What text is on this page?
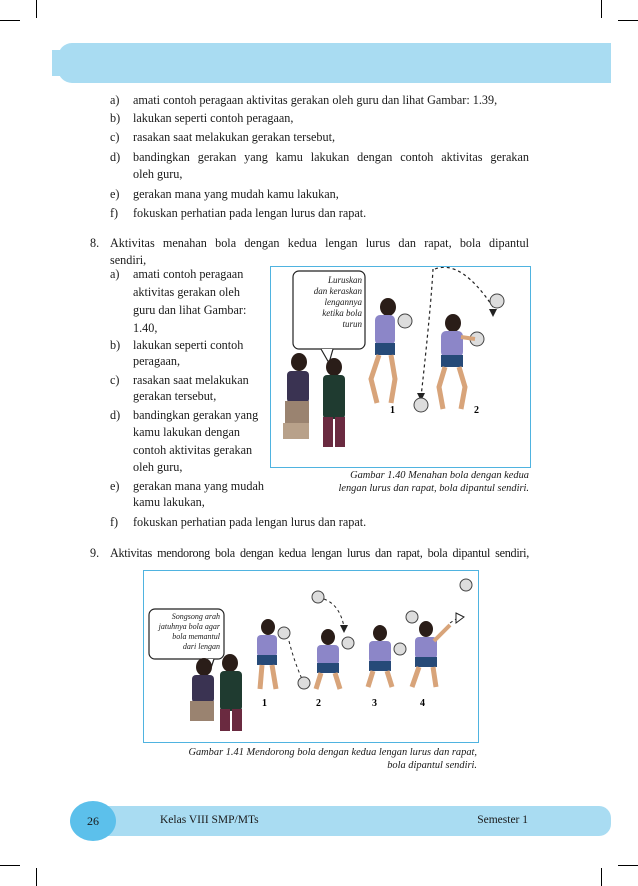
a) amati contoh peragaan aktivitas gerakan oleh guru dan lihat Gambar: 1.39,
b) lakukan seperti contoh peragaan,
c) rasakan saat melakukan gerakan tersebut,
d) bandingkan gerakan yang kamu lakukan dengan contoh aktivitas gerakan
oleh guru,
e) gerakan mana yang mudah kamu lakukan,
f) fokuskan perhatian pada lengan lurus dan rapat.
8. Aktivitas menahan bola dengan kedua lengan lurus dan rapat, bola dipantul
sendiri,
a) amati contoh peragaan
aktivitas gerakan oleh
guru dan lihat Gambar:
1.40,
b) lakukan seperti contoh
peragaan,
c) rasakan saat melakukan
gerakan tersebut,
d) bandingkan gerakan yang
kamu lakukan dengan
contoh aktivitas gerakan
oleh guru,
e) gerakan mana yang mudah
kamu lakukan,
f) fokuskan perhatian pada lengan lurus dan rapat.
1	2
Luruskan
dan keraskan
lengannya
ketika bola
turun
Gambar 1.40 Menahan bola dengan kedua
lengan lurus dan rapat, bola dipantul sendiri.
9. Aktivitas mendorong bola dengan kedua lengan lurus dan rapat, bola dipantul sendiri,
1	2	3	4
Songsong arah
jatuhnya bola agar
bola memantul
dari lengan
Gambar 1.41 Mendorong bola dengan kedua lengan lurus dan rapat,
bola dipantul sendiri.
26	Kelas VIII SMP/MTs	Semester 1
